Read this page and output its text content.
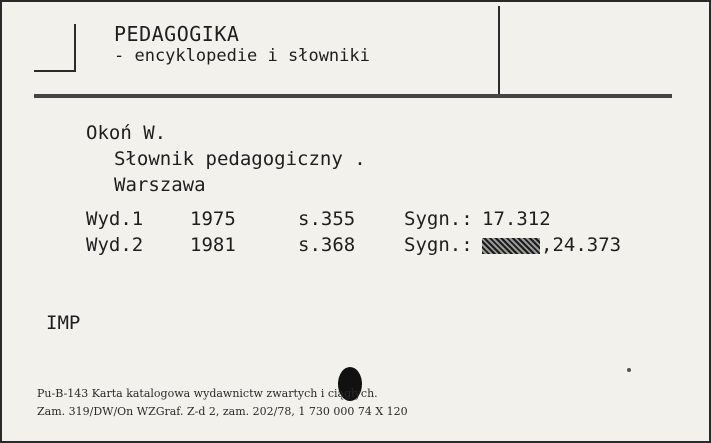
PEDAGOGIKA
- encyklopedie i słowniki
Okoń W.
Słownik pedagogiczny .
Warszawa
Wyd.1 1975	s.355	Sygn.: 17.312
Wyd.2 1981	s.368	Sygn.:	,24.373
IMP
Pu-B-143 Karta katalogowa wydawnictw zwartych i ciągłych.
Zam. 319/DW/On WZGraf. Z-d 2, zam. 202/78, 1 730 000 74 X 120
